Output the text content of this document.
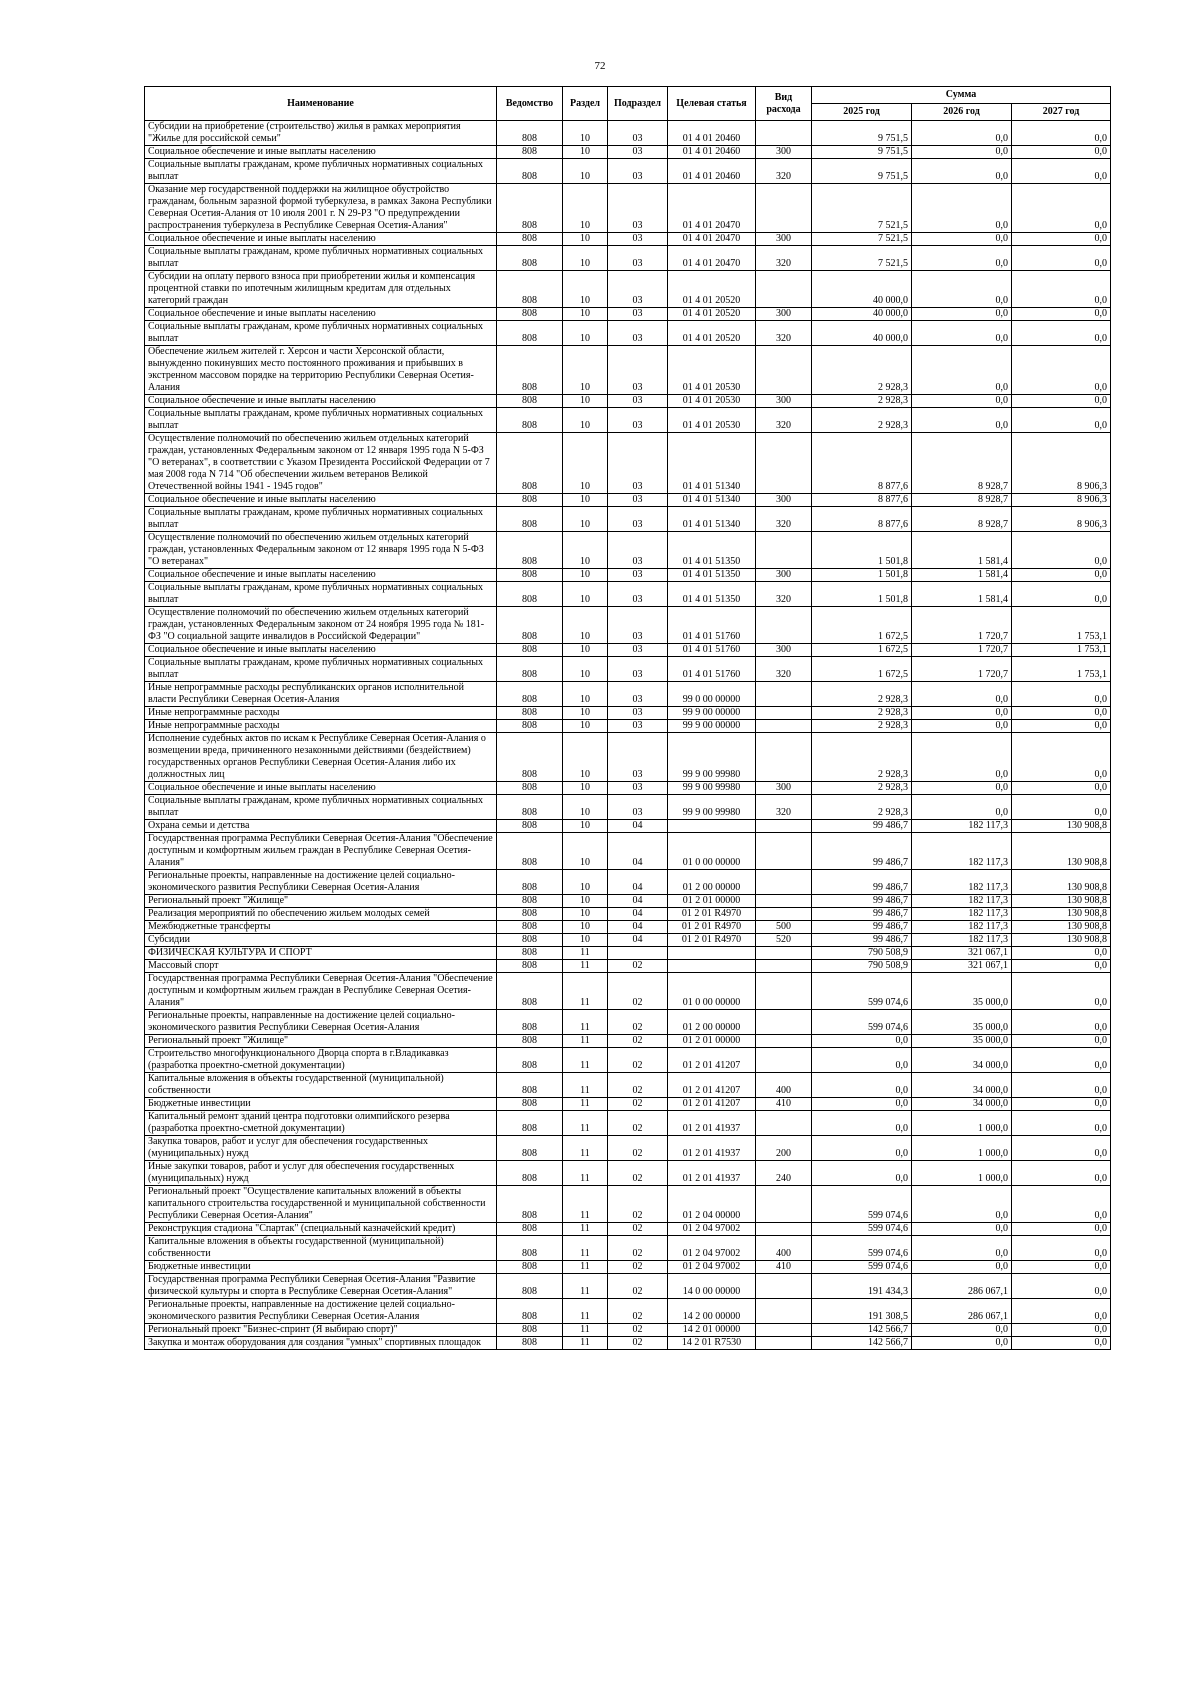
72
Наименование	Ведомство	Раздел	Подраздел	Целевая статья	Вид расхода	Сумма		
						2025 год	2026 год	2027 год
Субсидии на приобретение (строительство) жилья в рамках мероприятия "Жилье для российской семьи"	808	10	03	01 4 01 20460		9 751,5	0,0	0,0
Социальное обеспечение и иные выплаты населению	808	10	03	01 4 01 20460	300	9 751,5	0,0	0,0
Социальные выплаты гражданам, кроме публичных нормативных социальных выплат	808	10	03	01 4 01 20460	320	9 751,5	0,0	0,0
Оказание мер государственной поддержки на жилищное обустройство гражданам, больным заразной формой туберкулеза, в рамках Закона Республики Северная Осетия-Алания от 10 июля 2001 г. N 29-РЗ "О предупреждении распространения туберкулеза в Республике Северная Осетия-Алания"	808	10	03	01 4 01 20470		7 521,5	0,0	0,0
Социальное обеспечение и иные выплаты населению	808	10	03	01 4 01 20470	300	7 521,5	0,0	0,0
Социальные выплаты гражданам, кроме публичных нормативных социальных выплат	808	10	03	01 4 01 20470	320	7 521,5	0,0	0,0
Субсидии на оплату первого взноса при приобретении жилья и компенсация процентной ставки по ипотечным жилищным кредитам для отдельных категорий граждан	808	10	03	01 4 01 20520		40 000,0	0,0	0,0
Социальное обеспечение и иные выплаты населению	808	10	03	01 4 01 20520	300	40 000,0	0,0	0,0
Социальные выплаты гражданам, кроме публичных нормативных социальных выплат	808	10	03	01 4 01 20520	320	40 000,0	0,0	0,0
Обеспечение жильем жителей г. Херсон и части Херсонской области, вынужденно покинувших место постоянного проживания и прибывших в экстренном массовом порядке на территорию Республики Северная Осетия-Алания	808	10	03	01 4 01 20530		2 928,3	0,0	0,0
Социальное обеспечение и иные выплаты населению	808	10	03	01 4 01 20530	300	2 928,3	0,0	0,0
Социальные выплаты гражданам, кроме публичных нормативных социальных выплат	808	10	03	01 4 01 20530	320	2 928,3	0,0	0,0
Осуществление полномочий по обеспечению жильем отдельных категорий граждан, установленных Федеральным законом от 12 января 1995 года N 5-ФЗ "О ветеранах", в соответствии с Указом Президента Российской Федерации от 7 мая 2008 года N 714 "Об обеспечении жильем ветеранов Великой Отечественной войны 1941 - 1945 годов"	808	10	03	01 4 01 51340		8 877,6	8 928,7	8 906,3
Социальное обеспечение и иные выплаты населению	808	10	03	01 4 01 51340	300	8 877,6	8 928,7	8 906,3
Социальные выплаты гражданам, кроме публичных нормативных социальных выплат	808	10	03	01 4 01 51340	320	8 877,6	8 928,7	8 906,3
Осуществление полномочий по обеспечению жильем отдельных категорий граждан, установленных Федеральным законом от 12 января 1995 года N 5-ФЗ "О ветеранах"	808	10	03	01 4 01 51350		1 501,8	1 581,4	0,0
Социальное обеспечение и иные выплаты населению	808	10	03	01 4 01 51350	300	1 501,8	1 581,4	0,0
Социальные выплаты гражданам, кроме публичных нормативных социальных выплат	808	10	03	01 4 01 51350	320	1 501,8	1 581,4	0,0
Осуществление полномочий по обеспечению жильем отдельных категорий граждан, установленных Федеральным законом от 24 ноября 1995 года № 181-ФЗ "О социальной защите инвалидов в Российской Федерации"	808	10	03	01 4 01 51760		1 672,5	1 720,7	1 753,1
Социальное обеспечение и иные выплаты населению	808	10	03	01 4 01 51760	300	1 672,5	1 720,7	1 753,1
Социальные выплаты гражданам, кроме публичных нормативных социальных выплат	808	10	03	01 4 01 51760	320	1 672,5	1 720,7	1 753,1
Иные непрограммные расходы республиканских органов исполнительной власти Республики Северная Осетия-Алания	808	10	03	99 0 00 00000		2 928,3	0,0	0,0
Иные непрограммные расходы	808	10	03	99 9 00 00000		2 928,3	0,0	0,0
Иные непрограммные расходы	808	10	03	99 9 00 00000		2 928,3	0,0	0,0
Исполнение судебных актов по искам к Республике Северная Осетия-Алания о возмещении вреда, причиненного незаконными действиями (бездействием) государственных органов Республики Северная Осетия-Алания либо их должностных лиц	808	10	03	99 9 00 99980		2 928,3	0,0	0,0
Социальное обеспечение и иные выплаты населению	808	10	03	99 9 00 99980	300	2 928,3	0,0	0,0
Социальные выплаты гражданам, кроме публичных нормативных социальных выплат	808	10	03	99 9 00 99980	320	2 928,3	0,0	0,0
Охрана семьи и детства	808	10	04			99 486,7	182 117,3	130 908,8
Государственная программа Республики Северная Осетия-Алания "Обеспечение доступным и комфортным жильем граждан в Республике Северная Осетия-Алания"	808	10	04	01 0 00 00000		99 486,7	182 117,3	130 908,8
Региональные проекты, направленные на достижение целей социально-экономического развития Республики Северная Осетия-Алания	808	10	04	01 2 00 00000		99 486,7	182 117,3	130 908,8
Региональный проект "Жилище"	808	10	04	01 2 01 00000		99 486,7	182 117,3	130 908,8
Реализация мероприятий по обеспечению жильем молодых семей	808	10	04	01 2 01 R4970		99 486,7	182 117,3	130 908,8
Межбюджетные трансферты	808	10	04	01 2 01 R4970	500	99 486,7	182 117,3	130 908,8
Субсидии	808	10	04	01 2 01 R4970	520	99 486,7	182 117,3	130 908,8
ФИЗИЧЕСКАЯ КУЛЬТУРА И СПОРТ	808	11				790 508,9	321 067,1	0,0
Массовый спорт	808	11	02			790 508,9	321 067,1	0,0
Государственная программа Республики Северная Осетия-Алания "Обеспечение доступным и комфортным жильем граждан в Республике Северная Осетия-Алания"	808	11	02	01 0 00 00000		599 074,6	35 000,0	0,0
Региональные проекты, направленные на достижение целей социально-экономического развития Республики Северная Осетия-Алания	808	11	02	01 2 00 00000		599 074,6	35 000,0	0,0
Региональный проект "Жилище"	808	11	02	01 2 01 00000		0,0	35 000,0	0,0
Строительство многофункционального Дворца спорта в г.Владикавказ (разработка проектно-сметной документации)	808	11	02	01 2 01 41207		0,0	34 000,0	0,0
Капитальные вложения в объекты государственной (муниципальной) собственности	808	11	02	01 2 01 41207	400	0,0	34 000,0	0,0
Бюджетные инвестиции	808	11	02	01 2 01 41207	410	0,0	34 000,0	0,0
Капитальный ремонт зданий центра подготовки олимпийского резерва (разработка проектно-сметной документации)	808	11	02	01 2 01 41937		0,0	1 000,0	0,0
Закупка товаров, работ и услуг для обеспечения государственных (муниципальных) нужд	808	11	02	01 2 01 41937	200	0,0	1 000,0	0,0
Иные закупки товаров, работ и услуг для обеспечения государственных (муниципальных) нужд	808	11	02	01 2 01 41937	240	0,0	1 000,0	0,0
Региональный проект "Осуществление капитальных вложений в объекты капитального строительства государственной и муниципальной собственности Республики Северная Осетия-Алания"	808	11	02	01 2 04 00000		599 074,6	0,0	0,0
Реконструкция стадиона "Спартак" (специальный казначейский кредит)	808	11	02	01 2 04 97002		599 074,6	0,0	0,0
Капитальные вложения в объекты государственной (муниципальной) собственности	808	11	02	01 2 04 97002	400	599 074,6	0,0	0,0
Бюджетные инвестиции	808	11	02	01 2 04 97002	410	599 074,6	0,0	0,0
Государственная программа Республики Северная Осетия-Алания "Развитие физической культуры и спорта в Республике Северная Осетия-Алания"	808	11	02	14 0 00 00000		191 434,3	286 067,1	0,0
Региональные проекты, направленные на достижение целей социально-экономического развития Республики Северная Осетия-Алания	808	11	02	14 2 00 00000		191 308,5	286 067,1	0,0
Региональный проект "Бизнес-спринт (Я выбираю спорт)"	808	11	02	14 2 01 00000		142 566,7	0,0	0,0
Закупка и монтаж оборудования для создания "умных" спортивных площадок	808	11	02	14 2 01 R7530		142 566,7	0,0	0,0
